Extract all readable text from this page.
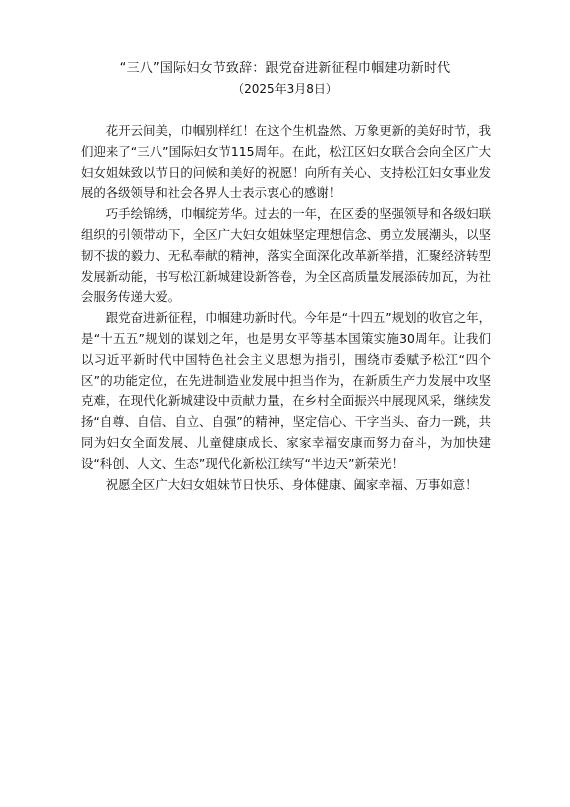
“三八”国际妇女节致辞：跟党奋进新征程巾帼建功新时代
（2025年3月8日）

花开云间美，巾帼别样红！在这个生机盎然、万象更新的美好时节，我们迎来了“三八”国际妇女节115周年。在此，松江区妇女联合会向全区广大妇女姐妹致以节日的问候和美好的祝愿！向所有关心、支持松江妇女事业发展的各级领导和社会各界人士表示衷心的感谢！

巧手绘锦绣，巾帼绽芳华。过去的一年，在区委的坚强领导和各级妇联组织的引领带动下，全区广大妇女姐妹坚定理想信念、勇立发展潮头，以坚韧不拔的毅力、无私奉献的精神，落实全面深化改革新举措，汇聚经济转型发展新动能，书写松江新城建设新答卷，为全区高质量发展添砖加瓦，为社会服务传递大爱。

跟党奋进新征程，巾帼建功新时代。今年是“十四五”规划的收官之年，是“十五五”规划的谋划之年，也是男女平等基本国策实施30周年。让我们以习近平新时代中国特色社会主义思想为指引，围绕市委赋予松江“四个区”的功能定位，在先进制造业发展中担当作为，在新质生产力发展中攻坚克难，在现代化新城建设中贡献力量，在乡村全面振兴中展现风采，继续发扬“自尊、自信、自立、自强”的精神，坚定信心、干字当头、奋力一跳，共同为妇女全面发展、儿童健康成长、家家幸福安康而努力奋斗，为加快建设“科创、人文、生态”现代化新松江续写“半边天”新荣光！

祝愿全区广大妇女姐妹节日快乐、身体健康、阖家幸福、万事如意！
